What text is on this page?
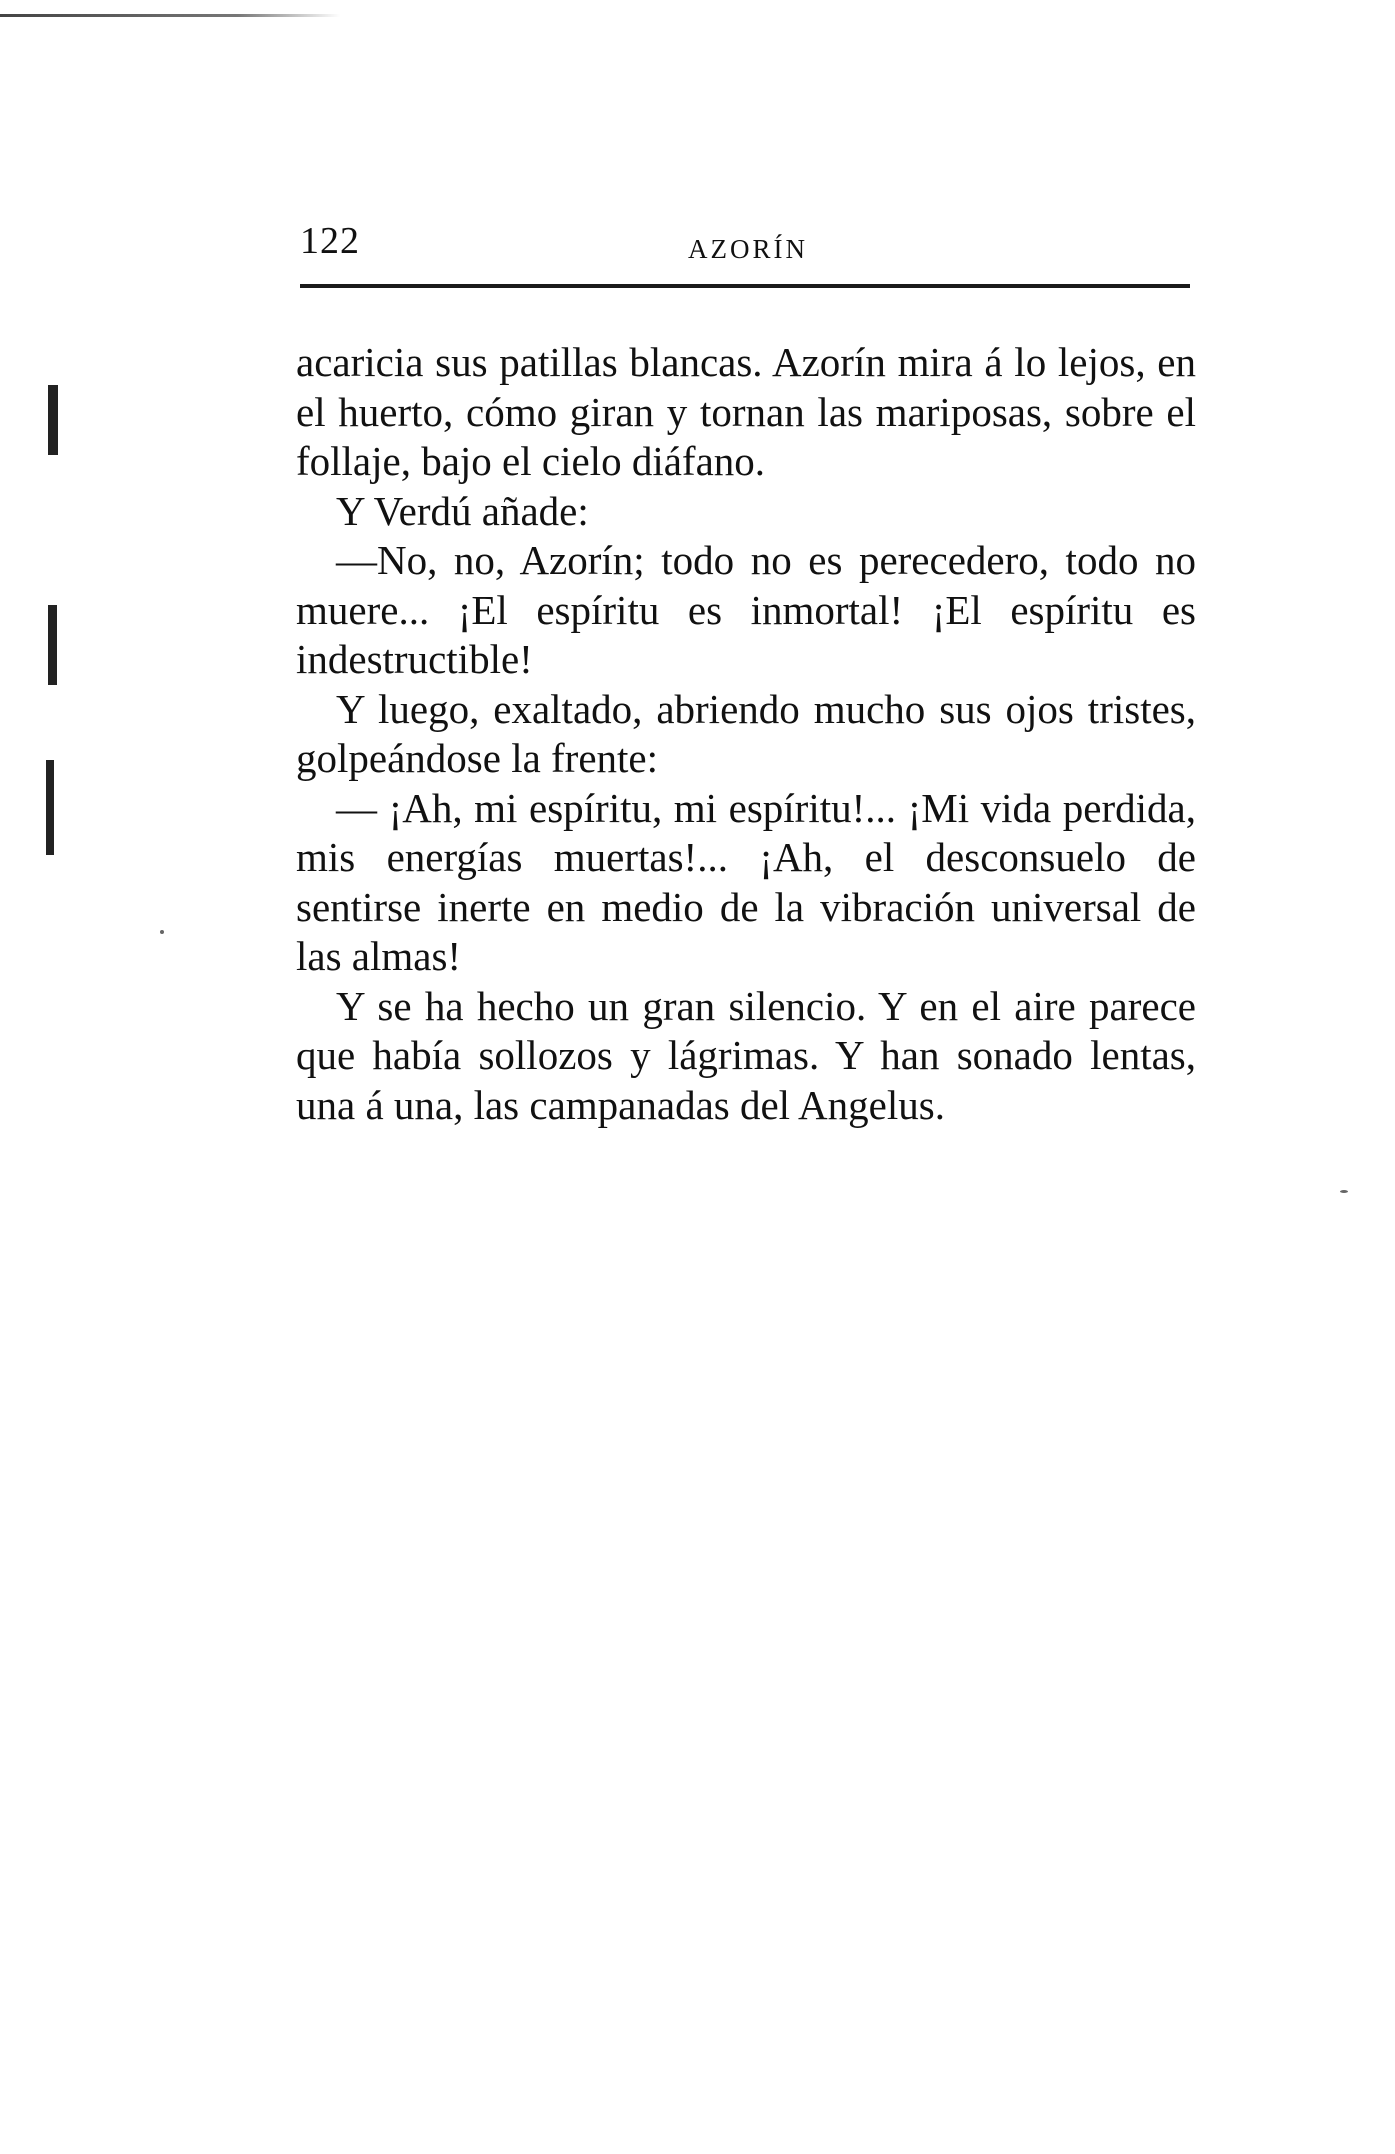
122	AZORÍN

acaricia sus patillas blancas. Azorín mira á lo lejos, en el huerto, cómo giran y tornan las mariposas, sobre el follaje, bajo el cielo diáfano.

Y Verdú añade:

—No, no, Azorín; todo no es perecedero, todo no muere... ¡El espíritu es inmortal! ¡El espíritu es indestructible!

Y luego, exaltado, abriendo mucho sus ojos tristes, golpeándose la frente:

— ¡Ah, mi espíritu, mi espíritu!... ¡Mi vida perdida, mis energías muertas!... ¡Ah, el desconsuelo de sentirse inerte en medio de la vibración universal de las almas!

Y se ha hecho un gran silencio. Y en el aire parece que había sollozos y lágrimas. Y han sonado lentas, una á una, las campanadas del Angelus.
